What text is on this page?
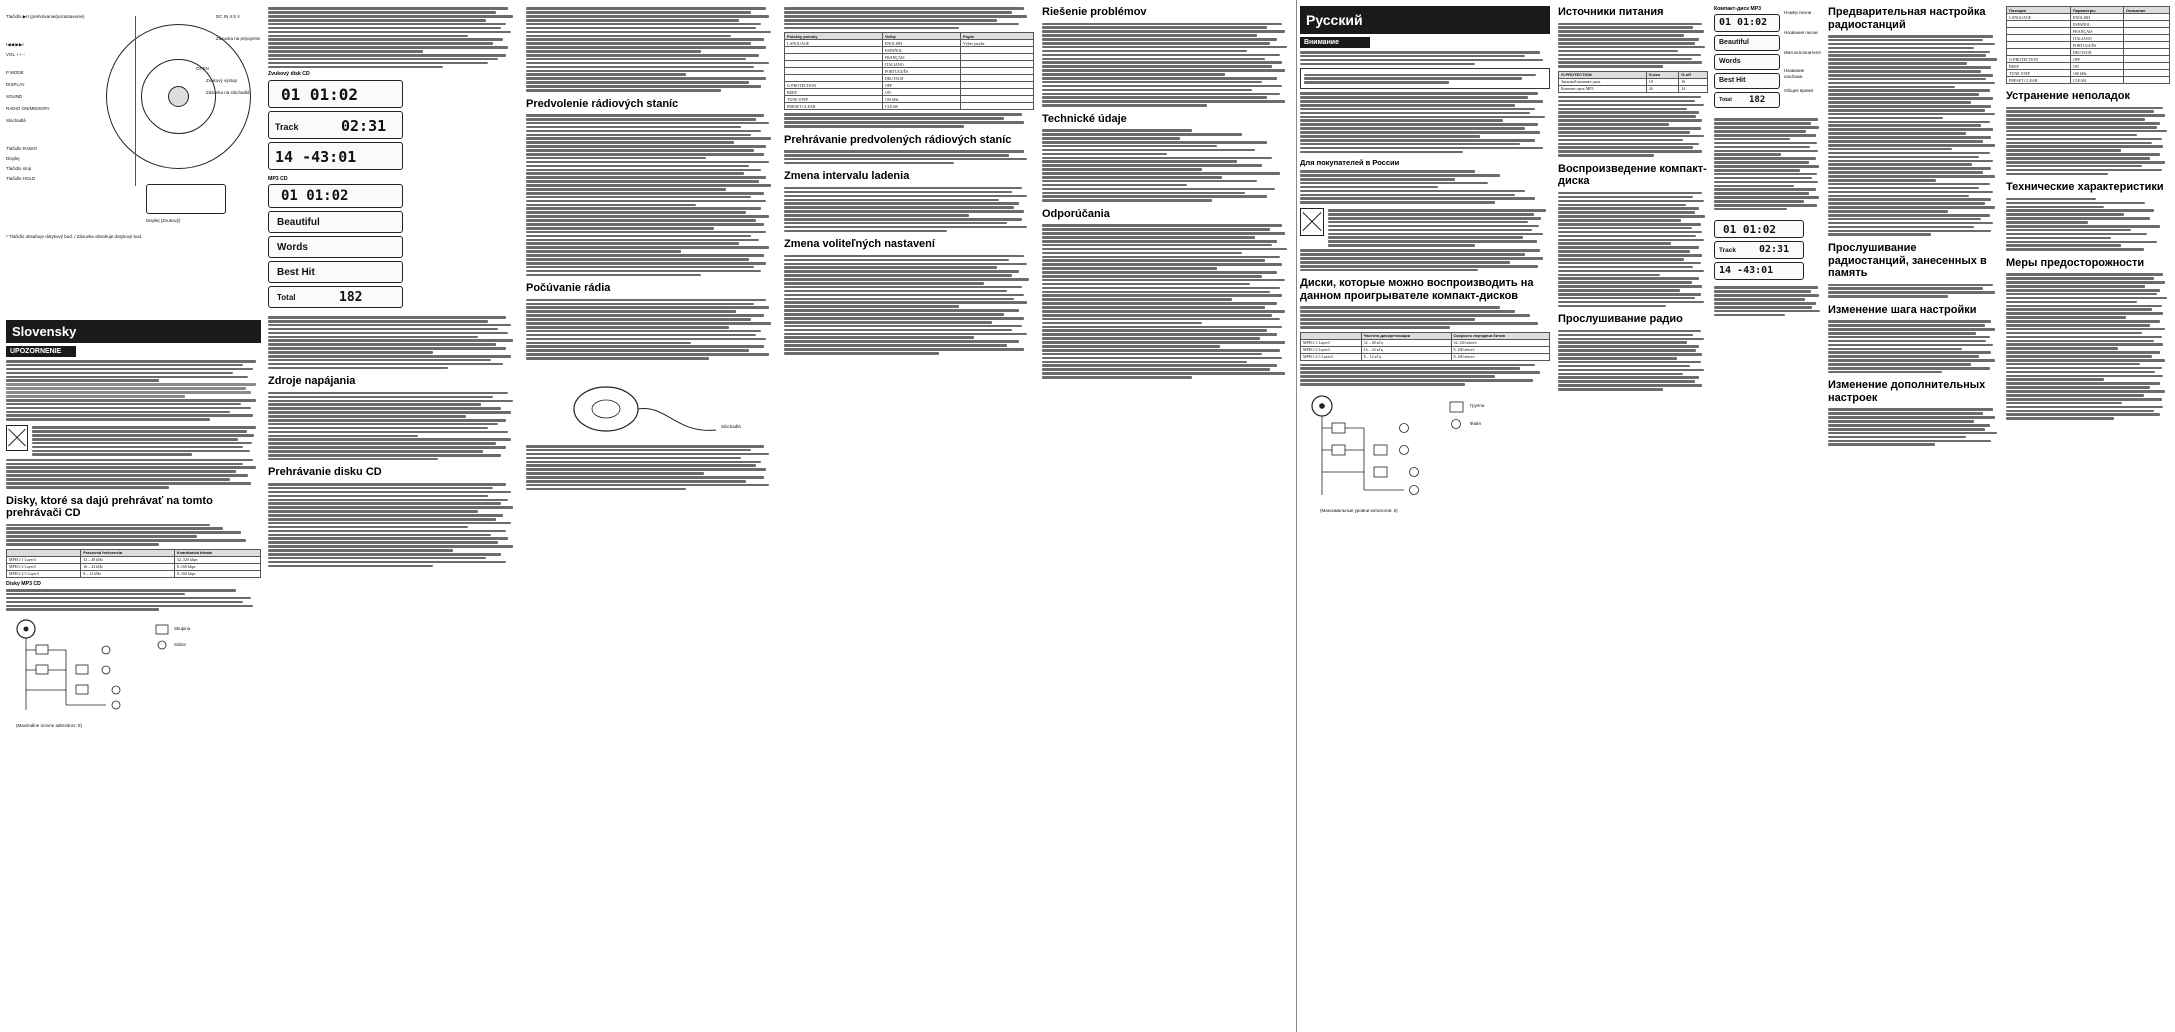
Displej (Zvukový)
Tlačidlo ▶II (prehrávanie/pozastavenie)
I◀◀ ▶▶I
VOL + / –
P MODE
DISPLAY
SOUND
RADIO ON/MEMORY
Slúchadlá
Tlačidlo RADIO
Displej
Tlačidlo stop
Tlačidlo HOLD
OPEN
DC IN 4.5 V
Zásuvka na pripojenie
Zvukový výstup
Zásuvka na slúchadlá
* Tlačidlo obsahuje dotykový bod. / Zásuvka obsahuje dotykový bod.
Slovensky
UPOZORNENIE
Disky, ktoré sa dajú prehrávať na tomto prehrávači CD
	Pracovná frekvencia	Kvantizácia bitrate
MPEG-1 Layer3	32 – 48 kHz	32–320 kbps
MPEG-2 Layer3	16 – 24 kHz	8–160 kbps
MPEG-2.5 Layer3	8 – 12 kHz	8–160 kbps
Disky MP3 CD
Skupina
Súbor
(Maximálne úrovne adresárov: 8)
Zvukový disk CD
01 01:02
Track	02:31
14 -43:01
MP3 CD
01 01:02
Beautiful
Words
Best Hit
Total	182
Zdroje napájania
Prehrávanie disku CD
Predvolenie rádiových staníc
Počúvanie rádia
Slúchadlá
Položky ponuky	Voľby	Popis
LANGUAGE	ENGLISH	Výber jazyka
	ESPAÑOL	
	FRANÇAIS	
	ITALIANO	
	PORTUGUÊS	
	DEUTSCH	
G-PROTECTION	OFF	
BEEP	ON	
TUNE STEP	100 kHz	
PRESET CLEAR	CLEAR	
Prehrávanie predvolených rádiových staníc
Zmena intervalu ladenia
Zmena voliteľných nastavení
Riešenie problémov
Technické údaje
Odporúčania
Русский
Внимание
Для покупателей в России
Диски, которые можно воспроизводить на данном проигрывателе компакт-дисков
	Частота дискретизации	Скорость передачи битов
MPEG-1 Layer3	32 – 48 кГц	32–320 кбит/с
MPEG-2 Layer3	16 – 24 кГц	8–160 кбит/с
MPEG-2.5 Layer3	8 – 12 кГц	8–160 кбит/с
Группа
Файл
(Максимальные уровни каталогов: 8)
Источники питания
G-PROTECTION	G-вкл	G-off
Звуковой компакт-диск	18	16
Компакт-диск MP3	26	24
Воспроизведение компакт-диска
Прослушивание радио
Компакт-диск MP3
01 01:02
Beautiful
Words
Best Hit
Total 182
Номер песни
Название песни
Имя исполнителя
Название альбома
Общее время
01 01:02
Track 02:31
14 -43:01
Предварительная настройка радиостанций
Прослушивание радиостанций, занесенных в память
Изменение шага настройки
Изменение дополнительных настроек
Позиция	Параметры	Описание
LANGUAGE	ENGLISH	
	ESPAÑOL	
	FRANÇAIS	
	ITALIANO	
	PORTUGUÊS	
	DEUTSCH	
G-PROTECTION	OFF	
BEEP	ON	
TUNE STEP	100 kHz	
PRESET CLEAR	CLEAR	
Устранение неполадок
Технические характеристики
Меры предосторожности
